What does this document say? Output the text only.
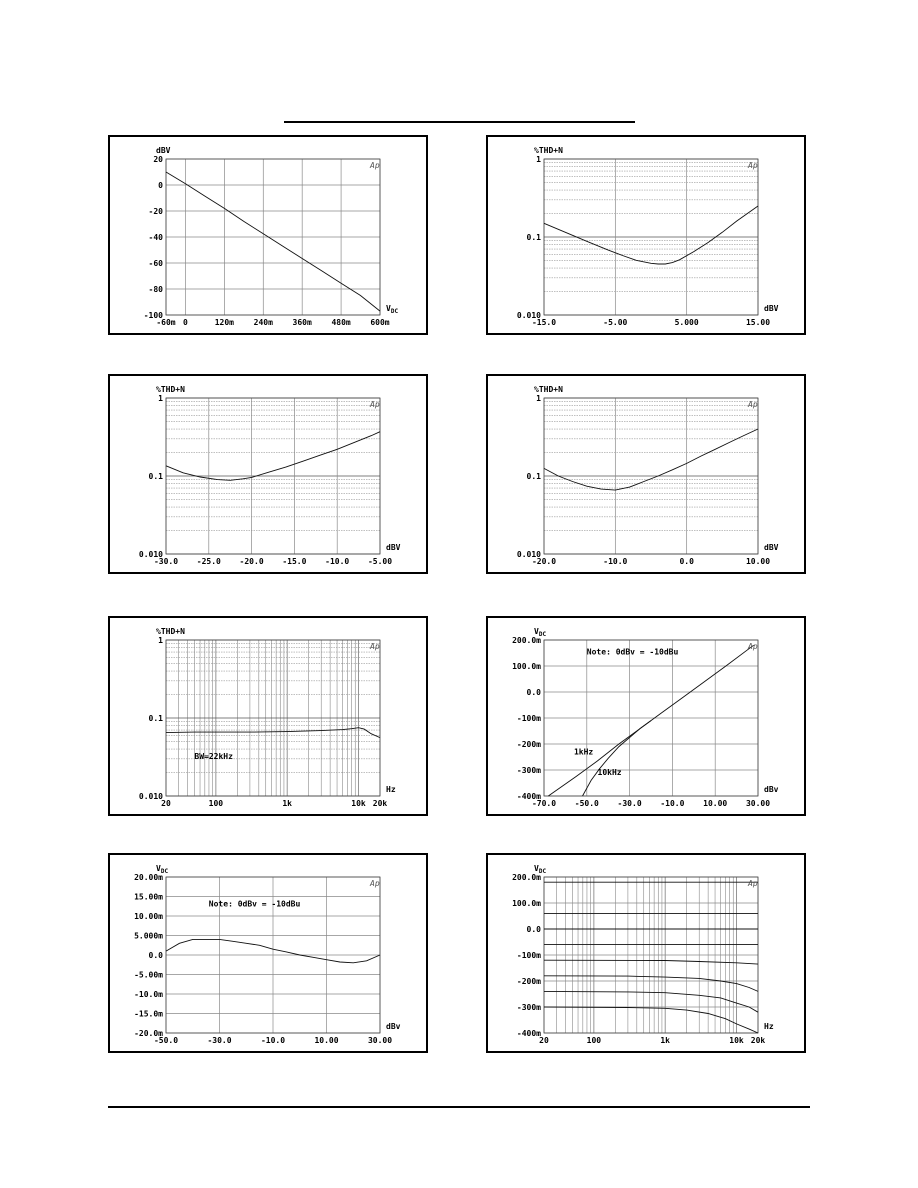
-60m 0	120m 240m 360m 480m 600m
20
0
-20
-40
-60
-80
-100
dBV
$V_{DC}$
Ap
-15.0	-5.00	5.000	15.00
1
0.1
0.010
%THD+N
dBV
Ap
-30.0 -25.0 -20.0 -15.0 -10.0 -5.00
1
0.1
0.010
%THD+N
dBV
Ap
-20.0	-10.0	0.0	10.00
1
0.1
0.010
%THD+N
dBV
Ap
20	100	1k	10k 20k
1
0.1
0.010
%THD+N
Hz
Ap
BW=22kHz
-70.0 -50.0 -30.0 -10.0 10.00 30.00
200.0m
100.0m
0.0
-100m
-200m
-300m
-400m
$V_{DC}$
dBv
Ap
Note: 0dBv = -10dBu
1kHz
10kHz
-50.0	-30.0	-10.0	10.00	30.00
20.00m
15.00m
10.00m
5.000m
0.0
-5.00m
-10.0m
-15.0m
-20.0m
$V_{DC}$
dBv
Ap
Note: 0dBv = -10dBu
20	100	1k	10k 20k
200.0m
100.0m
0.0
-100m
-200m
-300m
-400m
$V_{DC}$
Hz
Ap
